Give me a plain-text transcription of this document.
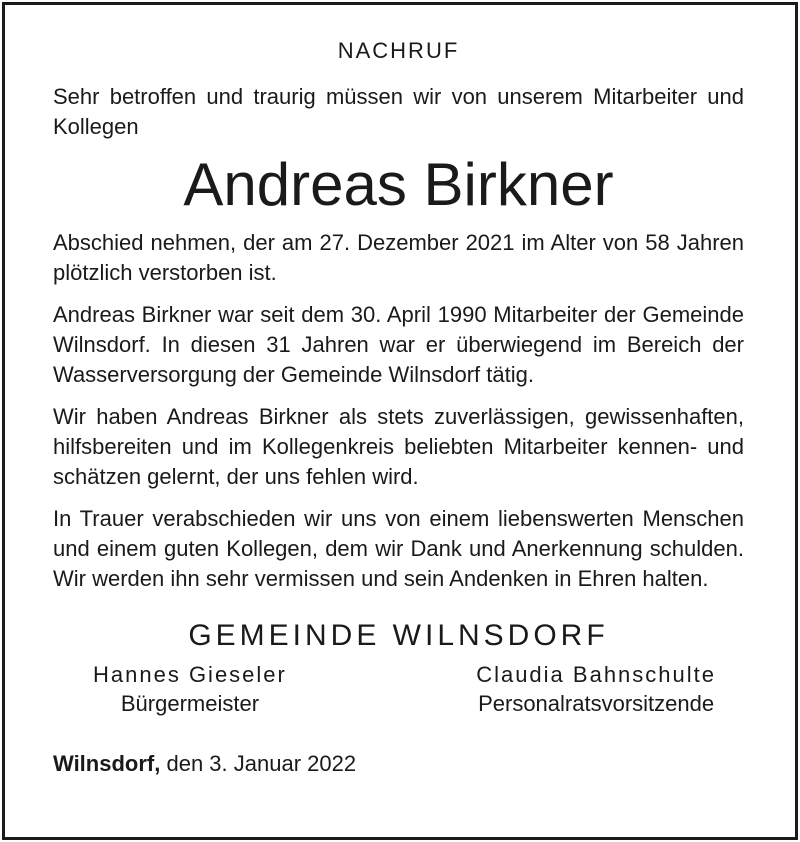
NACHRUF

Sehr betroffen und traurig müssen wir von unserem Mitarbeiter und Kollegen

Andreas Birkner

Abschied nehmen, der am 27. Dezember 2021 im Alter von 58 Jahren plötzlich verstorben ist.

Andreas Birkner war seit dem 30. April 1990 Mitarbeiter der Gemeinde Wilnsdorf. In diesen 31 Jahren war er überwiegend im Bereich der Wasserversorgung der Gemeinde Wilnsdorf tätig.

Wir haben Andreas Birkner als stets zuverlässigen, gewissenhaften, hilfsbereiten und im Kollegenkreis beliebten Mitarbeiter kennen- und schätzen gelernt, der uns fehlen wird.

In Trauer verabschieden wir uns von einem liebenswerten Menschen und einem guten Kollegen, dem wir Dank und Anerkennung schulden. Wir werden ihn sehr vermissen und sein Andenken in Ehren halten.

GEMEINDE WILNSDORF
Hannes Gieseler
Bürgermeister
Claudia Bahnschulte
Personalratsvorsitzende
Wilnsdorf, den 3. Januar 2022
